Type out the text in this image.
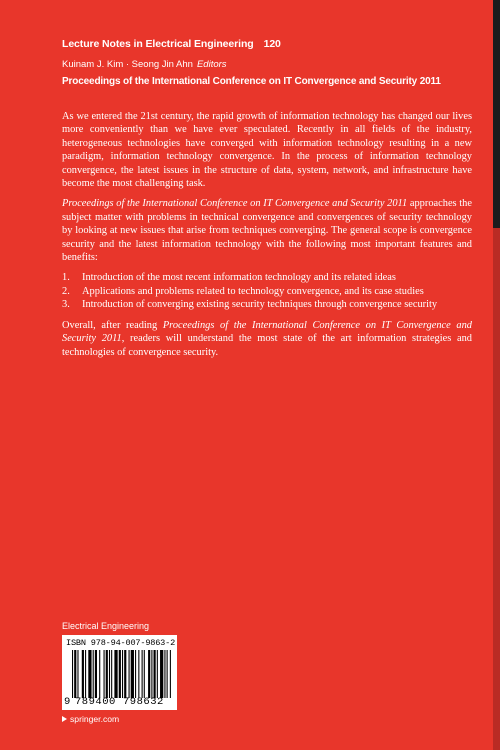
Lecture Notes in Electrical Engineering 120
Kuinam J. Kim · Seong Jin Ahn Editors
Proceedings of the International Conference on IT Convergence and Security 2011

As we entered the 21st century, the rapid growth of information technology has changed our lives more conveniently than we have ever speculated. Recently in all fields of the industry, heterogeneous technologies have converged with information technology resulting in a new paradigm, information technology convergence. In the process of information technology convergence, the latest issues in the structure of data, system, network, and infrastructure have become the most challenging task.

Proceedings of the International Conference on IT Convergence and Security 2011 approaches the subject matter with problems in technical convergence and convergences of security technology by looking at new issues that arise from techniques converging. The general scope is convergence security and the latest information technology with the following most important features and benefits:

1.	Introduction of the most recent information technology and its related ideas
2.	Applications and problems related to technology convergence, and its case studies
3.	Introduction of converging existing security techniques through convergence security

Overall, after reading Proceedings of the International Conference on IT Convergence and Security 2011, readers will understand the most state of the art information strategies and technologies of convergence security.

Electrical Engineering
ISBN 978-94-007-9863-2
9 789400 798632
springer.com
